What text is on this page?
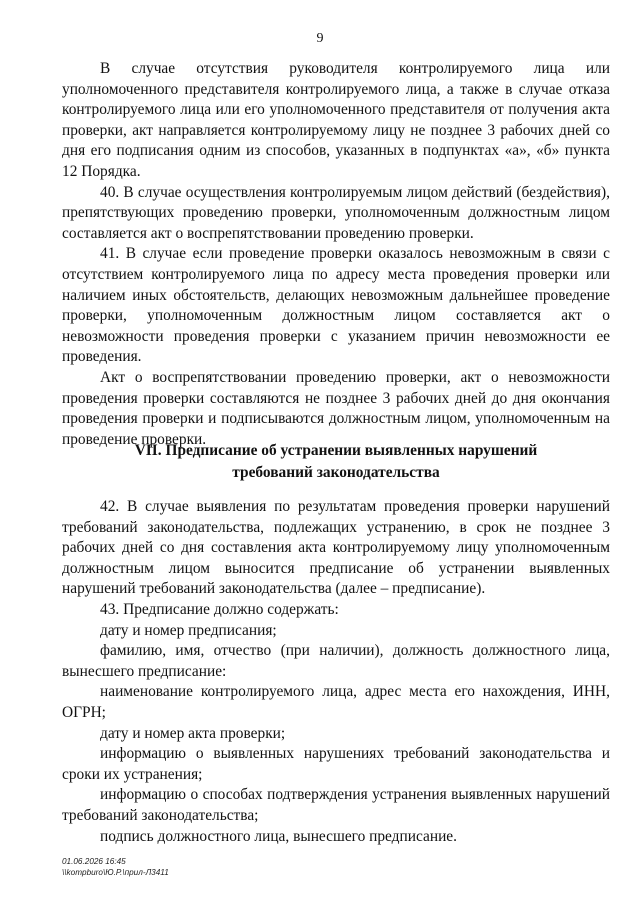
9

В случае отсутствия руководителя контролируемого лица или уполномоченного представителя контролируемого лица, а также в случае отказа контролируемого лица или его уполномоченного представителя от получения акта проверки, акт направляется контролируемому лицу не позднее 3 рабочих дней со дня его подписания одним из способов, указанных в подпунктах «а», «б» пункта 12 Порядка.

40. В случае осуществления контролируемым лицом действий (бездействия), препятствующих проведению проверки, уполномоченным должностным лицом составляется акт о воспрепятствовании проведению проверки.

41. В случае если проведение проверки оказалось невозможным в связи с отсутствием контролируемого лица по адресу места проведения проверки или наличием иных обстоятельств, делающих невозможным дальнейшее проведение проверки, уполномоченным должностным лицом составляется акт о невозможности проведения проверки с указанием причин невозможности ее проведения.

Акт о воспрепятствовании проведению проверки, акт о невозможности проведения проверки составляются не позднее 3 рабочих дней до дня окончания проведения проверки и подписываются должностным лицом, уполномоченным на проведение проверки.

VII. Предписание об устранении выявленных нарушений
требований законодательства

42. В случае выявления по результатам проведения проверки нарушений требований законодательства, подлежащих устранению, в срок не позднее 3 рабочих дней со дня составления акта контролируемому лицу уполномоченным должностным лицом выносится предписание об устранении выявленных нарушений требований законодательства (далее – предписание).

43. Предписание должно содержать:

дату и номер предписания;

фамилию, имя, отчество (при наличии), должность должностного лица, вынесшего предписание:

наименование контролируемого лица, адрес места его нахождения, ИНН, ОГРН;

дату и номер акта проверки;

информацию о выявленных нарушениях требований законодательства и сроки их устранения;

информацию о способах подтверждения устранения выявленных нарушений требований законодательства;

подпись должностного лица, вынесшего предписание.

01.06.2026 16:45
\\kompburo\Ю.Р.\прил-Л3411
